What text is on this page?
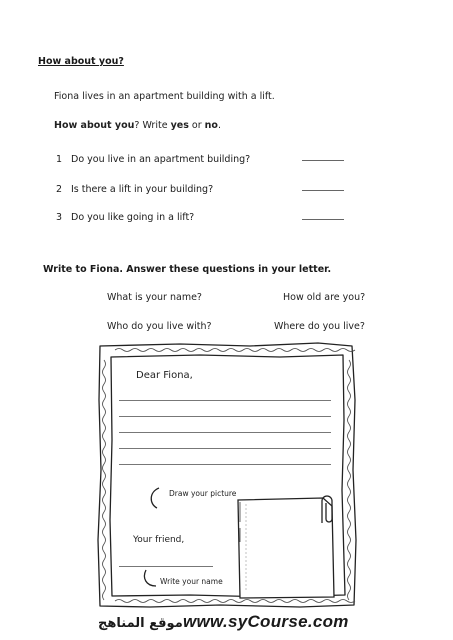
How about you?
Fiona lives in an apartment building with a lift.
How about you? Write yes or no.
1 Do you live in an apartment building?
2 Is there a lift in your building?
3 Do you like going in a lift?
Write to Fiona. Answer these questions in your letter.
What is your name?	How old are you?
Who do you live with?	Where do you live?
Dear Fiona,
Draw your picture
Your friend,
Write your name
موقع المناهج www.syCourse.com
